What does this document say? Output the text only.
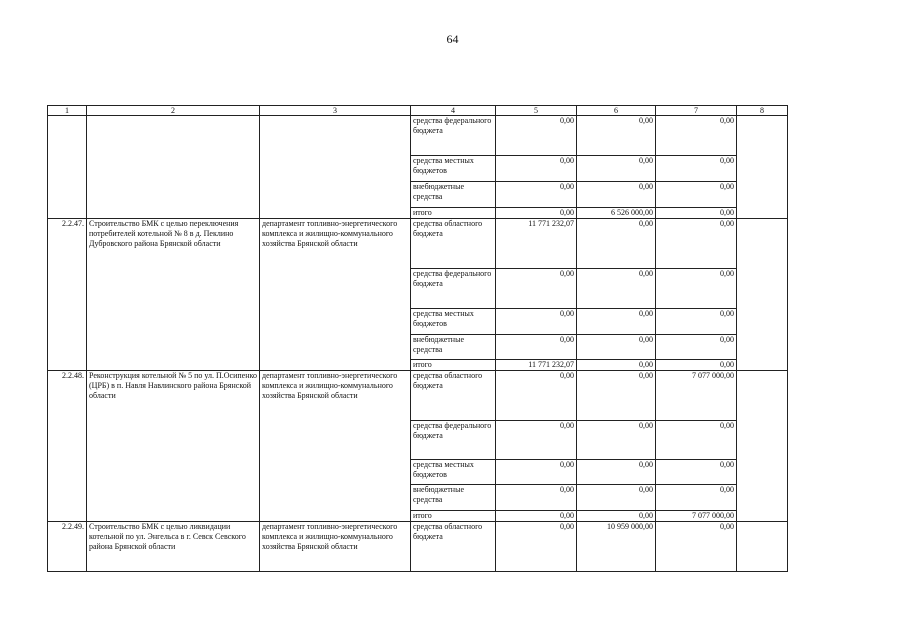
64
1	2	3	4	5	6	7	8
			средства федерального бюджета	0,00	0,00	0,00	
			средства местных бюджетов	0,00	0,00	0,00	
			внебюджетные средства	0,00	0,00	0,00	
			итого	0,00	6 526 000,00	0,00	
2.2.47.	Строительство БМК с целью переключения потребителей котельной № 8 в д. Пеклино Дубровского района Брянской области	департамент топливно-энергетического комплекса и жилищно-коммунального хозяйства Брянской области	средства областного бюджета	11 771 232,07	0,00	0,00	
			средства федерального бюджета	0,00	0,00	0,00	
			средства местных бюджетов	0,00	0,00	0,00	
			внебюджетные средства	0,00	0,00	0,00	
			итого	11 771 232,07	0,00	0,00	
2.2.48.	Реконструкция котельной № 5 по ул. П.Осипенко (ЦРБ) в п. Навля Навлинского района Брянской области	департамент топливно-энергетического комплекса и жилищно-коммунального хозяйства Брянской области	средства областного бюджета	0,00	0,00	7 077 000,00	
			средства федерального бюджета	0,00	0,00	0,00	
			средства местных бюджетов	0,00	0,00	0,00	
			внебюджетные средства	0,00	0,00	0,00	
			итого	0,00	0,00	7 077 000,00	
2.2.49.	Строительство БМК с целью ликвидации котельной по ул. Энгельса в г. Севск Севского района Брянской области	департамент топливно-энергетического комплекса и жилищно-коммунального хозяйства Брянской области	средства областного бюджета	0,00	10 959 000,00	0,00	
